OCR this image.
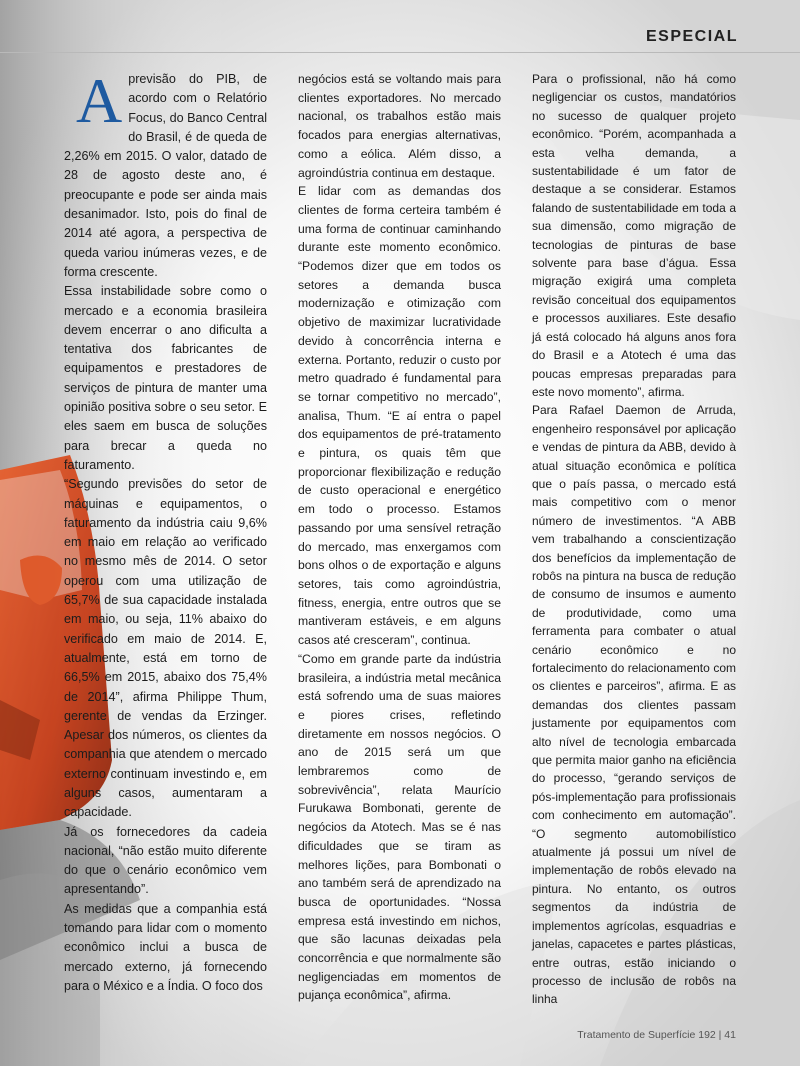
ESPECIAL
A previsão do PIB, de acordo com o Relatório Focus, do Banco Central do Brasil, é de queda de 2,26% em 2015. O valor, datado de 28 de agosto deste ano, é preocupante e pode ser ainda mais desanimador. Isto, pois do final de 2014 até agora, a perspectiva de queda variou inúmeras vezes, e de forma crescente.

Essa instabilidade sobre como o mercado e a economia brasileira devem encerrar o ano dificulta a tentativa dos fabricantes de equipamentos e prestadores de serviços de pintura de manter uma opinião positiva sobre o seu setor. E eles saem em busca de soluções para brecar a queda no faturamento.

“Segundo previsões do setor de máquinas e equipamentos, o faturamento da indústria caiu 9,6% em maio em relação ao verificado no mesmo mês de 2014. O setor operou com uma utilização de 65,7% de sua capacidade instalada em maio, ou seja, 11% abaixo do verificado em maio de 2014. E, atualmente, está em torno de 66,5% em 2015, abaixo dos 75,4% de 2014”, afirma Philippe Thum, gerente de vendas da Erzinger. Apesar dos números, os clientes da companhia que atendem o mercado externo continuam investindo e, em alguns casos, aumentaram a capacidade.

Já os fornecedores da cadeia nacional, “não estão muito diferente do que o cenário econômico vem apresentando”.

As medidas que a companhia está tomando para lidar com o momento econômico inclui a busca de mercado externo, já fornecendo para o México e a Índia. O foco dos

negócios está se voltando mais para clientes exportadores. No mercado nacional, os trabalhos estão mais focados para energias alternativas, como a eólica. Além disso, a agroindústria continua em destaque.

E lidar com as demandas dos clientes de forma certeira também é uma forma de continuar caminhando durante este momento econômico. “Podemos dizer que em todos os setores a demanda busca modernização e otimização com objetivo de maximizar lucratividade devido à concorrência interna e externa. Portanto, reduzir o custo por metro quadrado é fundamental para se tornar competitivo no mercado”, analisa, Thum. “E aí entra o papel dos equipamentos de pré-tratamento e pintura, os quais têm que proporcionar flexibilização e redução de custo operacional e energético em todo o processo. Estamos passando por uma sensível retração do mercado, mas enxergamos com bons olhos o de exportação e alguns setores, tais como agroindústria, fitness, energia, entre outros que se mantiveram estáveis, e em alguns casos até cresceram”, continua.

“Como em grande parte da indústria brasileira, a indústria metal mecânica está sofrendo uma de suas maiores e piores crises, refletindo diretamente em nossos negócios. O ano de 2015 será um que lembraremos como de sobrevivência”, relata Maurício Furukawa Bombonati, gerente de negócios da Atotech. Mas se é nas dificuldades que se tiram as melhores lições, para Bombonati o ano também será de aprendizado na busca de oportunidades. “Nossa empresa está investindo em nichos, que são lacunas deixadas pela concorrência e que normalmente são negligenciadas em momentos de pujança econômica”, afirma.

Para o profissional, não há como negligenciar os custos, mandatórios no sucesso de qualquer projeto econômico. “Porém, acompanhada a esta velha demanda, a sustentabilidade é um fator de destaque a se considerar. Estamos falando de sustentabilidade em toda a sua dimensão, como migração de tecnologias de pinturas de base solvente para base d’água. Essa migração exigirá uma completa revisão conceitual dos equipamentos e processos auxiliares. Este desafio já está colocado há alguns anos fora do Brasil e a Atotech é uma das poucas empresas preparadas para este novo momento”, afirma.

Para Rafael Daemon de Arruda, engenheiro responsável por aplicação e vendas de pintura da ABB, devido à atual situação econômica e política que o país passa, o mercado está mais competitivo com o menor número de investimentos. “A ABB vem trabalhando a conscientização dos benefícios da implementação de robôs na pintura na busca de redução de consumo de insumos e aumento de produtividade, como uma ferramenta para combater o atual cenário econômico e no fortalecimento do relacionamento com os clientes e parceiros”, afirma. E as demandas dos clientes passam justamente por equipamentos com alto nível de tecnologia embarcada que permita maior ganho na eficiência do processo, “gerando serviços de pós-implementação para profissionais com conhecimento em automação”. “O segmento automobilístico atualmente já possui um nível de implementação de robôs elevado na pintura. No entanto, os outros segmentos da indústria de implementos agrícolas, esquadrias e janelas, capacetes e partes plásticas, entre outras, estão iniciando o processo de inclusão de robôs na linha

Tratamento de Superfície 192 | 41
